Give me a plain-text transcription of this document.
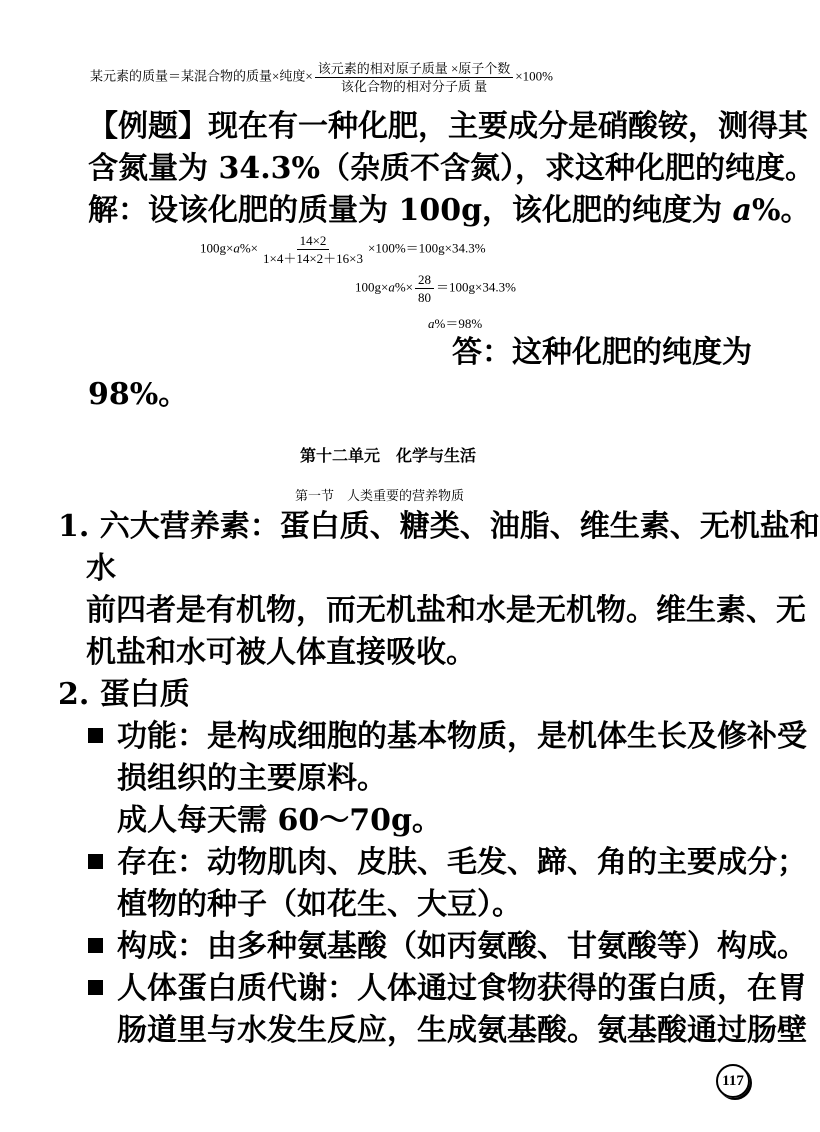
某元素的质量＝某混合物的质量×纯度× $\frac{\text{该元素的相对原子质量 ×原子个数}}{\text{该化合物的相对分子质 量}} \times 100\%$
【例题】现在有一种化肥，主要成分是硝酸铵，测得其
含氮量为 34.3%（杂质不含氮），求这种化肥的纯度。
解：设该化肥的质量为 100g，该化肥的纯度为 a%。
$100g\times a\%\times \frac{14\times 2}{1\times 4+14\times 2+16\times 3} \times 100\%=100g\times 34.3\%$
$100g\times a\%\times \frac{28}{80} =100g\times 34.3\%$
a%＝98%
答：这种化肥的纯度为
98%。
第十二单元　化学与生活
第一节　人类重要的营养物质
1. 六大营养素：蛋白质、糖类、油脂、维生素、无机盐和
水
前四者是有机物，而无机盐和水是无机物。维生素、无
机盐和水可被人体直接吸收。
2. 蛋白质
功能：是构成细胞的基本物质，是机体生长及修补受
损组织的主要原料。
成人每天需 60～70g。
存在：动物肌肉、皮肤、毛发、蹄、角的主要成分；
植物的种子（如花生、大豆）。
构成：由多种氨基酸（如丙氨酸、甘氨酸等）构成。
人体蛋白质代谢：人体通过食物获得的蛋白质，在胃
肠道里与水发生反应，生成氨基酸。氨基酸通过肠壁
117
